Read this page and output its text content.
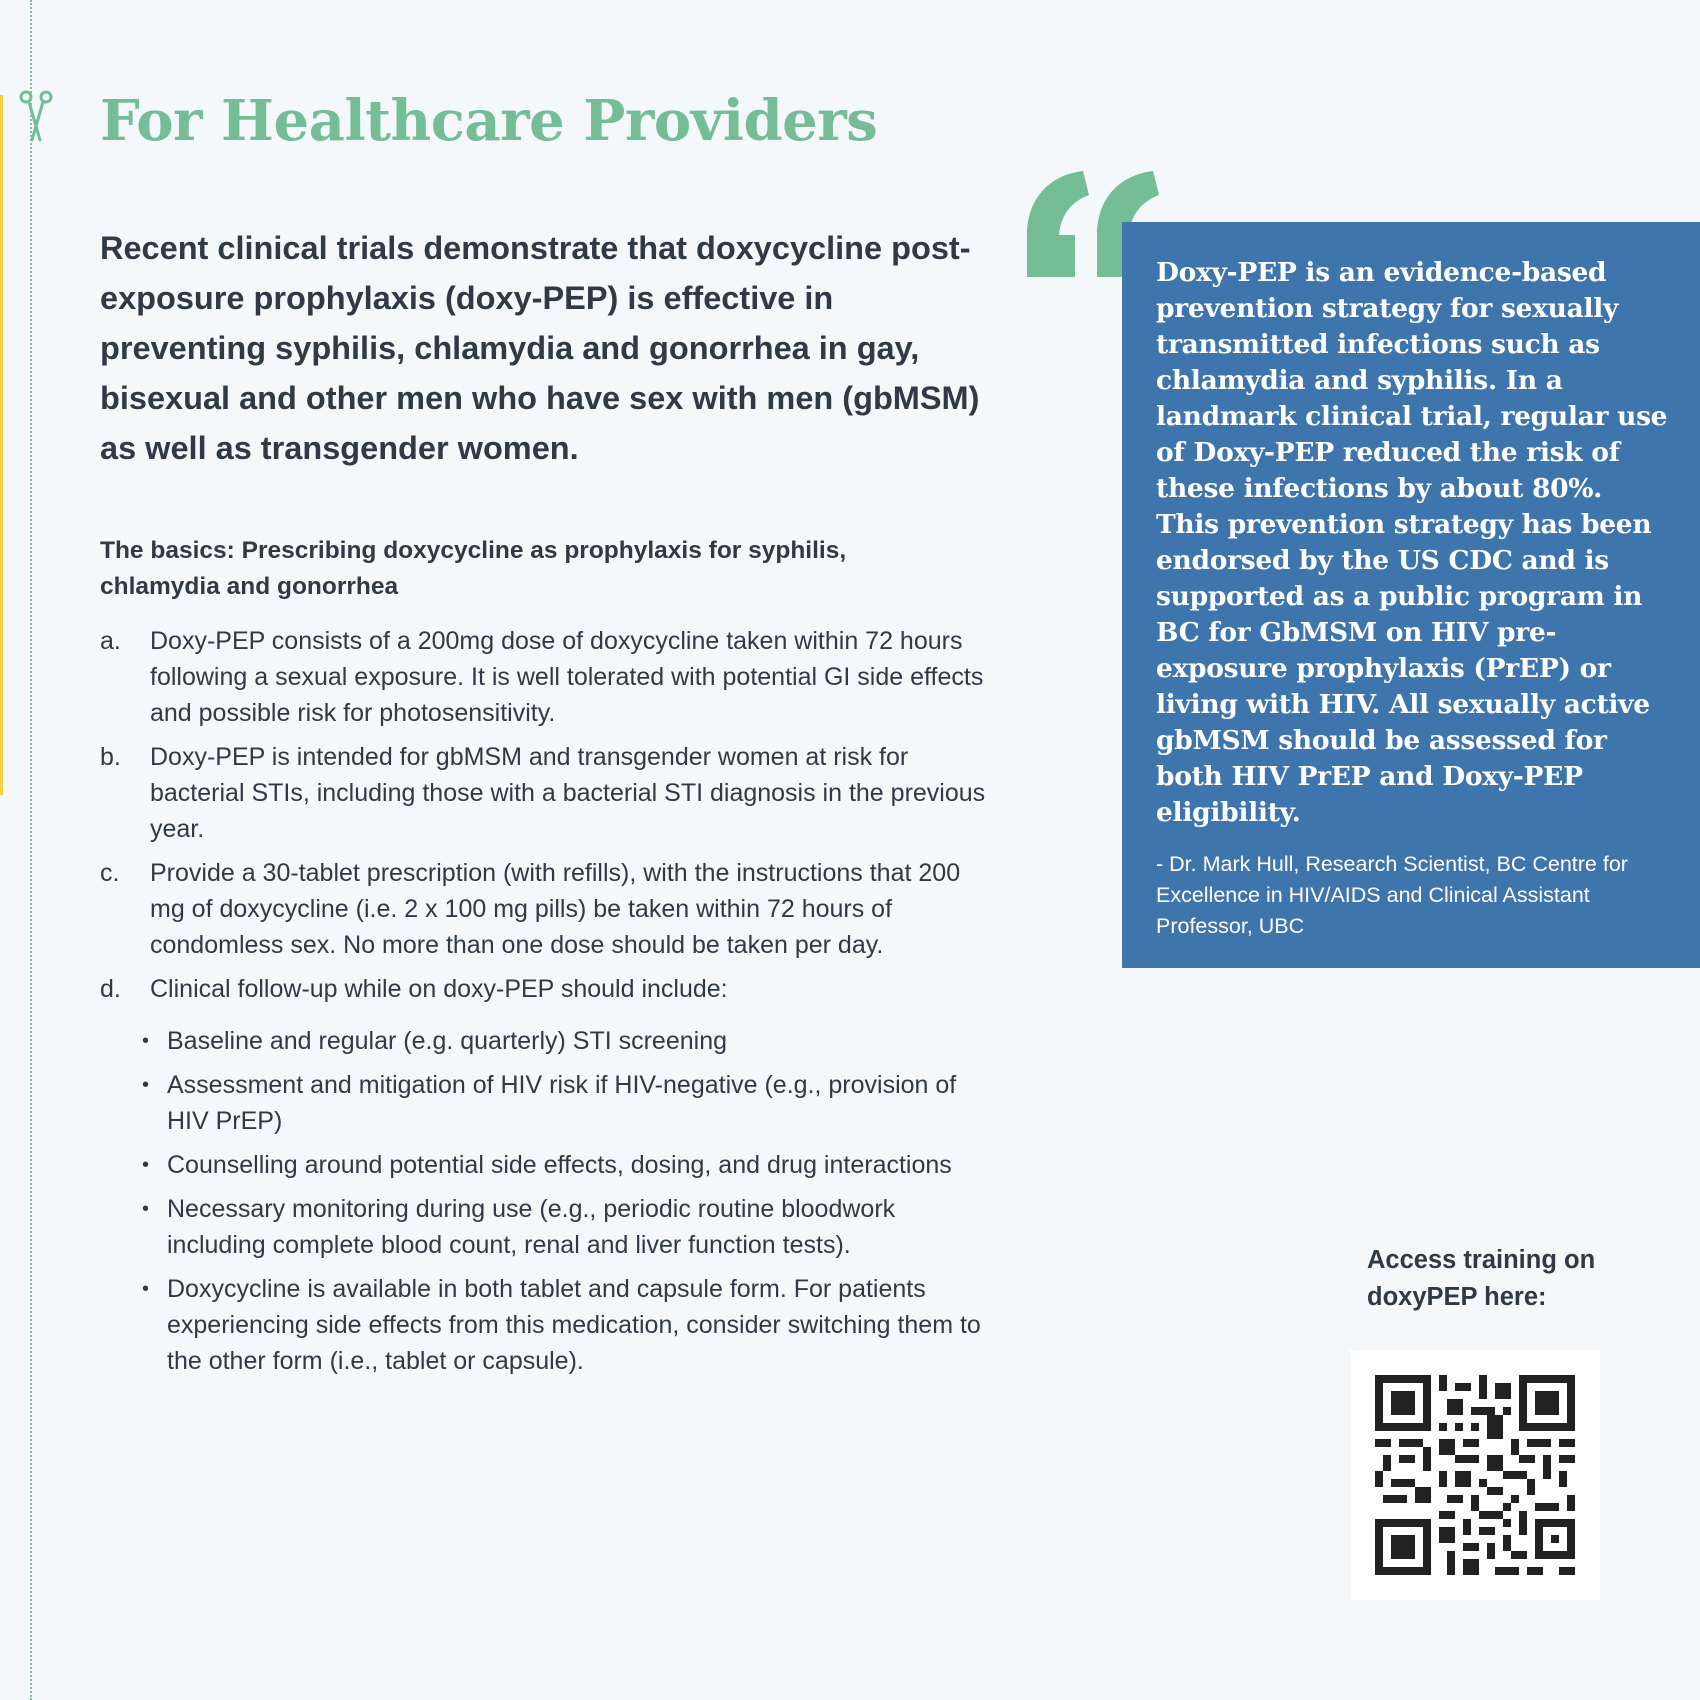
For Healthcare Providers

Recent clinical trials demonstrate that doxycycline post-exposure prophylaxis (doxy-PEP) is effective in preventing syphilis, chlamydia and gonorrhea in gay, bisexual and other men who have sex with men (gbMSM) as well as transgender women.

The basics: Prescribing doxycycline as prophylaxis for syphilis, chlamydia and gonorrhea

a. Doxy-PEP consists of a 200mg dose of doxycycline taken within 72 hours following a sexual exposure. It is well tolerated with potential GI side effects and possible risk for photosensitivity.
b. Doxy-PEP is intended for gbMSM and transgender women at risk for bacterial STIs, including those with a bacterial STI diagnosis in the previous year.
c. Provide a 30-tablet prescription (with refills), with the instructions that 200 mg of doxycycline (i.e. 2 x 100 mg pills) be taken within 72 hours of condomless sex. No more than one dose should be taken per day.
d. Clinical follow-up while on doxy-PEP should include:
• Baseline and regular (e.g. quarterly) STI screening
• Assessment and mitigation of HIV risk if HIV-negative (e.g., provision of HIV PrEP)
• Counselling around potential side effects, dosing, and drug interactions
• Necessary monitoring during use (e.g., periodic routine bloodwork including complete blood count, renal and liver function tests).
• Doxycycline is available in both tablet and capsule form. For patients experiencing side effects from this medication, consider switching them to the other form (i.e., tablet or capsule).

Doxy-PEP is an evidence-based prevention strategy for sexually transmitted infections such as chlamydia and syphilis. In a landmark clinical trial, regular use of Doxy-PEP reduced the risk of these infections by about 80%. This prevention strategy has been endorsed by the US CDC and is supported as a public program in BC for GbMSM on HIV pre-exposure prophylaxis (PrEP) or living with HIV. All sexually active gbMSM should be assessed for both HIV PrEP and Doxy-PEP eligibility.

- Dr. Mark Hull, Research Scientist, BC Centre for Excellence in HIV/AIDS and Clinical Assistant Professor, UBC

Access training on doxyPEP here:
